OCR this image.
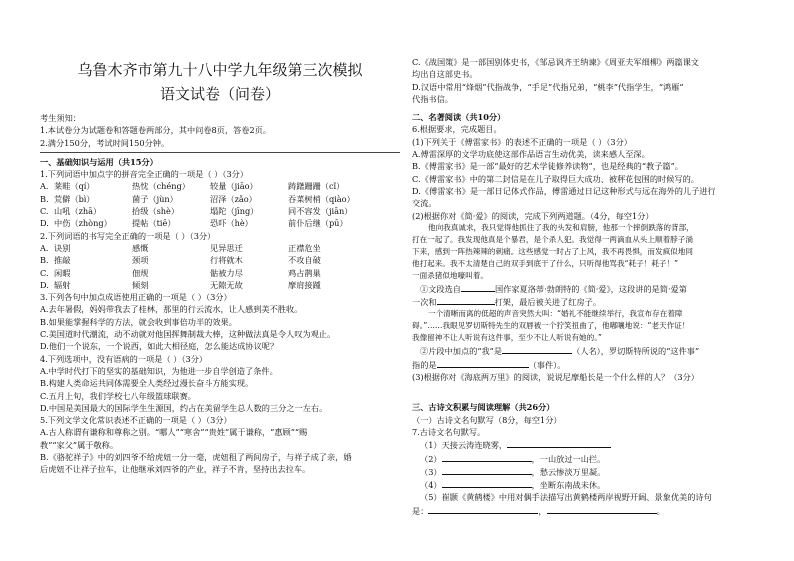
乌鲁木齐市第九十八中学九年级第三次模拟
语文试卷（问卷）
考生须知：
1.本试卷分为试题卷和答题卷两部分，其中问卷8页，答卷2页。
2.满分150分，考试时间150分钟。
一、基础知识与运用（共15分）
1.下列词语中加点字的拼音完全正确的一项是（ ）（3分）
A. 莱畦（qí）	热忱（chéng） 较量（jiāo）	踌躇跚跚（cǐ）
B. 荒僻（bì）	菌子（jùn）	沼泽（zǎo）	吞菜树梢（qiào）
C. 山吼（zhā）	拾级（shè）	塌陀（jīng）	同不容发（jiān）
D. 中伤（zhòng） 提帖（tiē）	恐吓（hè）	前仆后继（pū）
2.下列词语的书写完全正确的一项是（ ）（3分）
A. 诀别	感慨	见异思迁	正襟危坐
B. 推敲	颈项	行将就木	不攻自破
C. 闲暇	佃规	骷被力尽	鸡占鹊巢
D. 辐射	倾刻	无隙无故	摩肩接踵
3.下列各句中加点成语使用正确的一项是（ ）（3分）
A.去年暑假，妈妈带我去了桂林，那里的行云流水，让人感到美不胜收。
B.如果能掌握科学的方法，就会收到事倍功半的效果。
C.美国道时代潮流，动不动就对他国挥舞制裁大棒，这种做法真是令人叹为观止。
D.他们一个说东，一个说西，如此大相径庭，怎么能达成协议呢？
4.下列选项中，没有语病的一项是（ ）（3分）
A.中学时代打下的坚实的基础知识，为他进一步自学创造了条件。
B.构建人类命运共同体需要全人类经过漫长奋斗方能实现。
C.五月上旬，我们学校七八年级篮球联赛。
D.中国是美国最大的国际学生生源国，约占在美留学生总人数的三分之一左右。
5.下列文学文化常识表述不正确的一项是（ ）（3分）
A.古人称谓有谦称和尊称之别。“哪人”“寒舍”“贵姓”属于谦称，“惠顾”“赐
教”“家父”属于敬称。
B.《骆驼祥子》中的刘四爷不给虎妞一分一毫，虎妞租了两间房子，与祥子成了亲，婚
后虎妞不让祥子拉车，让他继承刘四爷的产业，祥子不肯，坚持出去拉车。
C.《战国策》是一部国别体史书，《邹忌讽齐王纳谏》《周亚夫军细柳》两篇课文
均出自这部史书。
D.汉语中常用“烽烟”代指战争，“手足”代指兄弟，“桃李”代指学生，“鸿雁”
代指书信。
二、名著阅读（共10分）
6.根据要求，完成题目。
(1)下列关于《傅雷家书》的表述不正确的一项是（ ）（3分）
A.傅雷深厚的文学功底使这部作品语言生动优美，读来感人至深。
B.《傅雷家书》是一部“最好的艺术学徒修养读物”，也是经典的“教子篇”。
C.《傅雷家书》中的第二封信是在儿子取得巨大成功、被秤花包围的时候写的。
D.《傅雷家书》是一部日记体式作品，傅雷通过日记这种形式与远在海外的儿子进行
交流。
(2)根据你对《简·爱》的阅读，完成下列两道题。（4分，每空1分）
他向我真诚求，我只觉得他抓住了我的头发和肩膀，他那一个摔倒跌落的背部，
打在一起了。我发现他真是个暴君，是个杀人犯。我觉得一两滴血从头上顺着脖子淌
下来，感到一阵热辣辣的刺痛。这些感觉一时占了上风，我不再畏惧，而发疯似地同
他打起来。我不太清楚自己的双手到底干了什么，只听得他骂我“耗子！耗子！”
一面杀猪似地嚎叫着。
①文段选自	国作家夏洛蒂·勃朗特的《简·爱》，这段讲的是简·爱第
一次和	打架，最后被关进了红房子。
一个清晰而离的低超的声音突然大叫：“婚礼不能继续举行，我宣布存在着障
碍。”……我眼见罗切斯特先生的双唇被一个狞笑扭曲了，他嘟嚷地说：“老天作证！
我像留神不让人听说有这件事，至少不让人听说有她的。”
②片段中加点的“我”是	（人名），罗切斯特所说的“这件事”
指的是	（事件）。
(3)根据你对《海底两万里》的阅读，说说尼摩船长是一个什么样的人？（3分）
三、古诗文积累与阅读理解（共26分）
（一）古诗文名句默写（8分，每空1分）
7.古诗文名句默写。
（1）天接云涛连晓雾，
（2）	，一山放过一山拦。
（3）	，愁云惨淡万里凝。
（4）	，坐断东南战未休。
（5）崔颢《黄鹤楼》中用对偶手法描写出黄鹤楼两岸视野开阔、景象优美的诗句
是：	，	。
